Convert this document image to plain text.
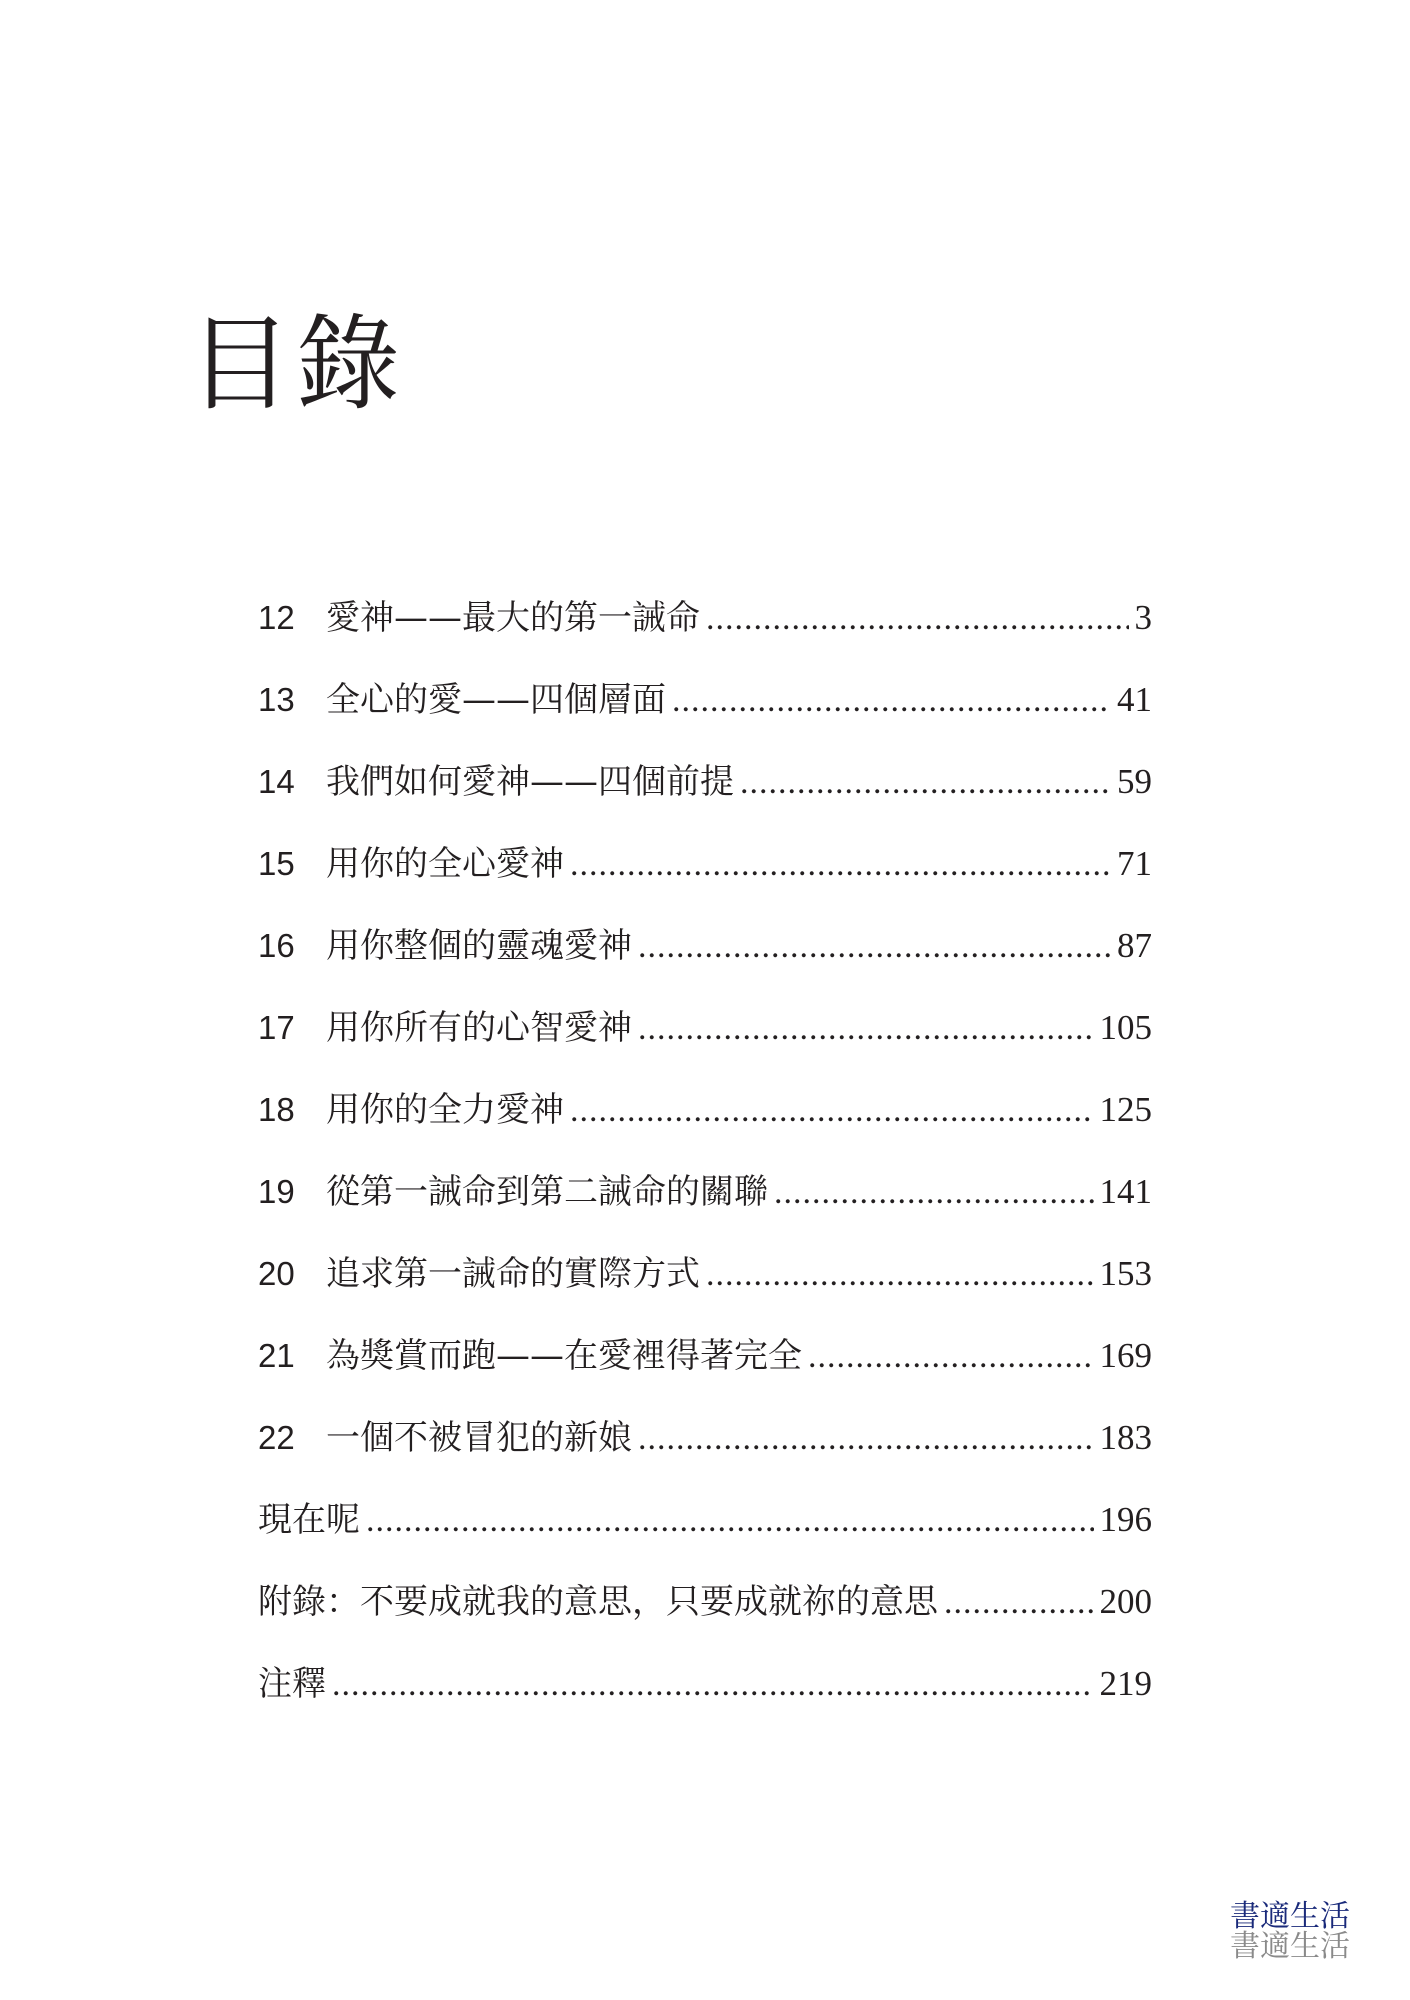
目錄
12 愛神——最大的第一誡命 .....	3
13 全心的愛——四個層面 .....	41
14 我們如何愛神——四個前提 .....	59
15 用你的全心愛神 .....	71
16 用你整個的靈魂愛神 .....	87
17 用你所有的心智愛神 .....	105
18 用你的全力愛神 .....	125
19 從第一誡命到第二誡命的關聯 .....	141
20 追求第一誡命的實際方式 .....	153
21 為獎賞而跑——在愛裡得著完全 .....	169
22 一個不被冒犯的新娘 .....	183
現在呢 .....	196
附錄：不要成就我的意思，只要成就祢的意思 .....	200
注釋 .....	219
書適生活
書適生活
